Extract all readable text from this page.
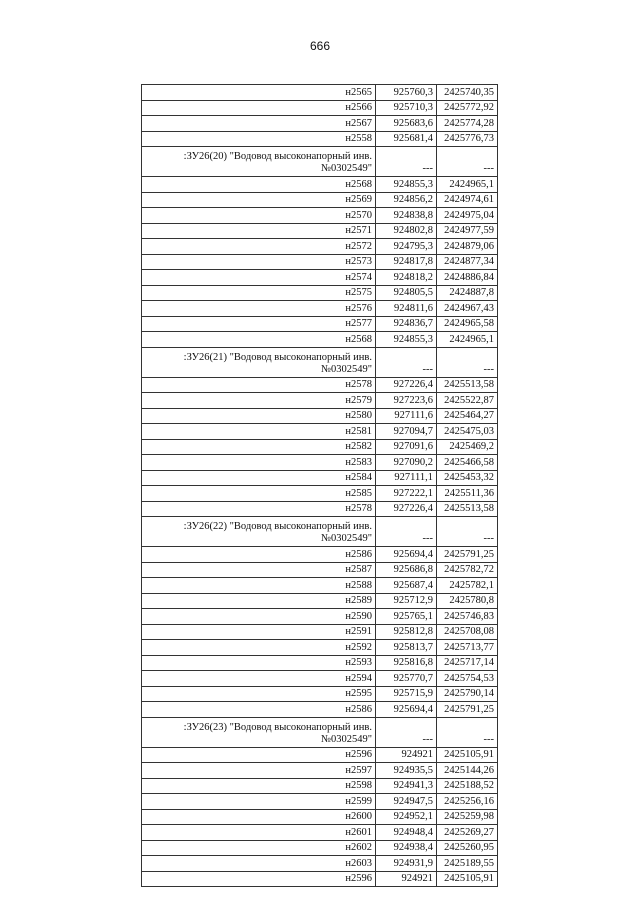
666
н2565	925760,3	2425740,35
н2566	925710,3	2425772,92
н2567	925683,6	2425774,28
н2558	925681,4	2425776,73
:ЗУ26(20) "Водовод высоконапорный инв. №0302549"	---	---
н2568	924855,3	2424965,1
н2569	924856,2	2424974,61
н2570	924838,8	2424975,04
н2571	924802,8	2424977,59
н2572	924795,3	2424879,06
н2573	924817,8	2424877,34
н2574	924818,2	2424886,84
н2575	924805,5	2424887,8
н2576	924811,6	2424967,43
н2577	924836,7	2424965,58
н2568	924855,3	2424965,1
:ЗУ26(21) "Водовод высоконапорный инв. №0302549"	---	---
н2578	927226,4	2425513,58
н2579	927223,6	2425522,87
н2580	927111,6	2425464,27
н2581	927094,7	2425475,03
н2582	927091,6	2425469,2
н2583	927090,2	2425466,58
н2584	927111,1	2425453,32
н2585	927222,1	2425511,36
н2578	927226,4	2425513,58
:ЗУ26(22) "Водовод высоконапорный инв. №0302549"	---	---
н2586	925694,4	2425791,25
н2587	925686,8	2425782,72
н2588	925687,4	2425782,1
н2589	925712,9	2425780,8
н2590	925765,1	2425746,83
н2591	925812,8	2425708,08
н2592	925813,7	2425713,77
н2593	925816,8	2425717,14
н2594	925770,7	2425754,53
н2595	925715,9	2425790,14
н2586	925694,4	2425791,25
:ЗУ26(23) "Водовод высоконапорный инв. №0302549"	---	---
н2596	924921	2425105,91
н2597	924935,5	2425144,26
н2598	924941,3	2425188,52
н2599	924947,5	2425256,16
н2600	924952,1	2425259,98
н2601	924948,4	2425269,27
н2602	924938,4	2425260,95
н2603	924931,9	2425189,55
н2596	924921	2425105,91
